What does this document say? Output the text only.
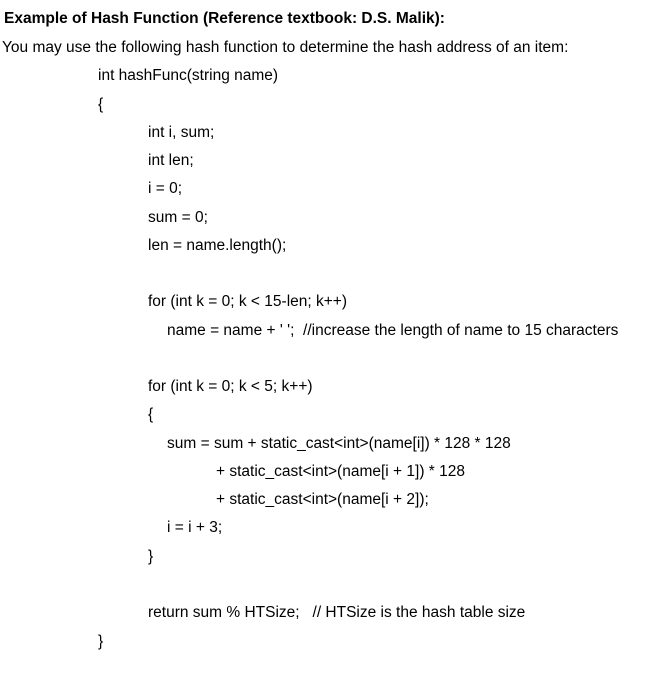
Example of Hash Function (Reference textbook: D.S. Malik):
You may use the following hash function to determine the hash address of an item:
int hashFunc(string name)
{
int i, sum;
int len;
i = 0;
sum = 0;
len = name.length();
for (int k = 0; k < 15-len; k++)
name = name + ' ';  //increase the length of name to 15 characters
for (int k = 0; k < 5; k++)
{
sum = sum + static_cast<int>(name[i]) * 128 * 128
+ static_cast<int>(name[i + 1]) * 128
+ static_cast<int>(name[i + 2]);
i = i + 3;
}
return sum % HTSize;   // HTSize is the hash table size
}
